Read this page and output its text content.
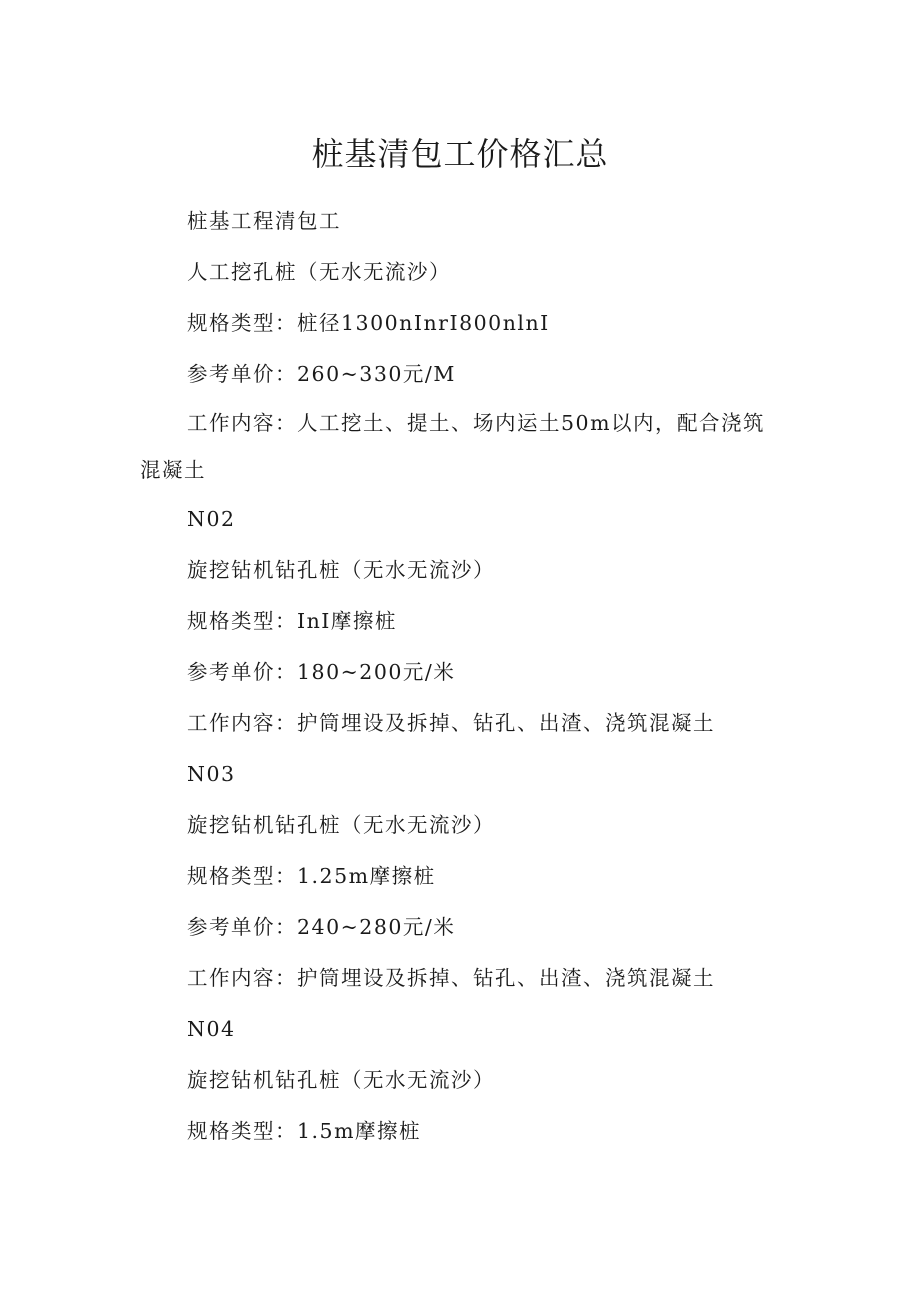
桩基清包工价格汇总

桩基工程清包工

人工挖孔桩（无水无流沙）

规格类型：桩径1300nInrI800nlnI

参考单价：260~330元/M

工作内容：人工挖土、提土、场内运土50m以内，配合浇筑混凝土

N02

旋挖钻机钻孔桩（无水无流沙）

规格类型：InI摩擦桩

参考单价：180~200元/米

工作内容：护筒埋设及拆掉、钻孔、出渣、浇筑混凝土

N03

旋挖钻机钻孔桩（无水无流沙）

规格类型：1.25m摩擦桩

参考单价：240~280元/米

工作内容：护筒埋设及拆掉、钻孔、出渣、浇筑混凝土

N04

旋挖钻机钻孔桩（无水无流沙）

规格类型：1.5m摩擦桩
